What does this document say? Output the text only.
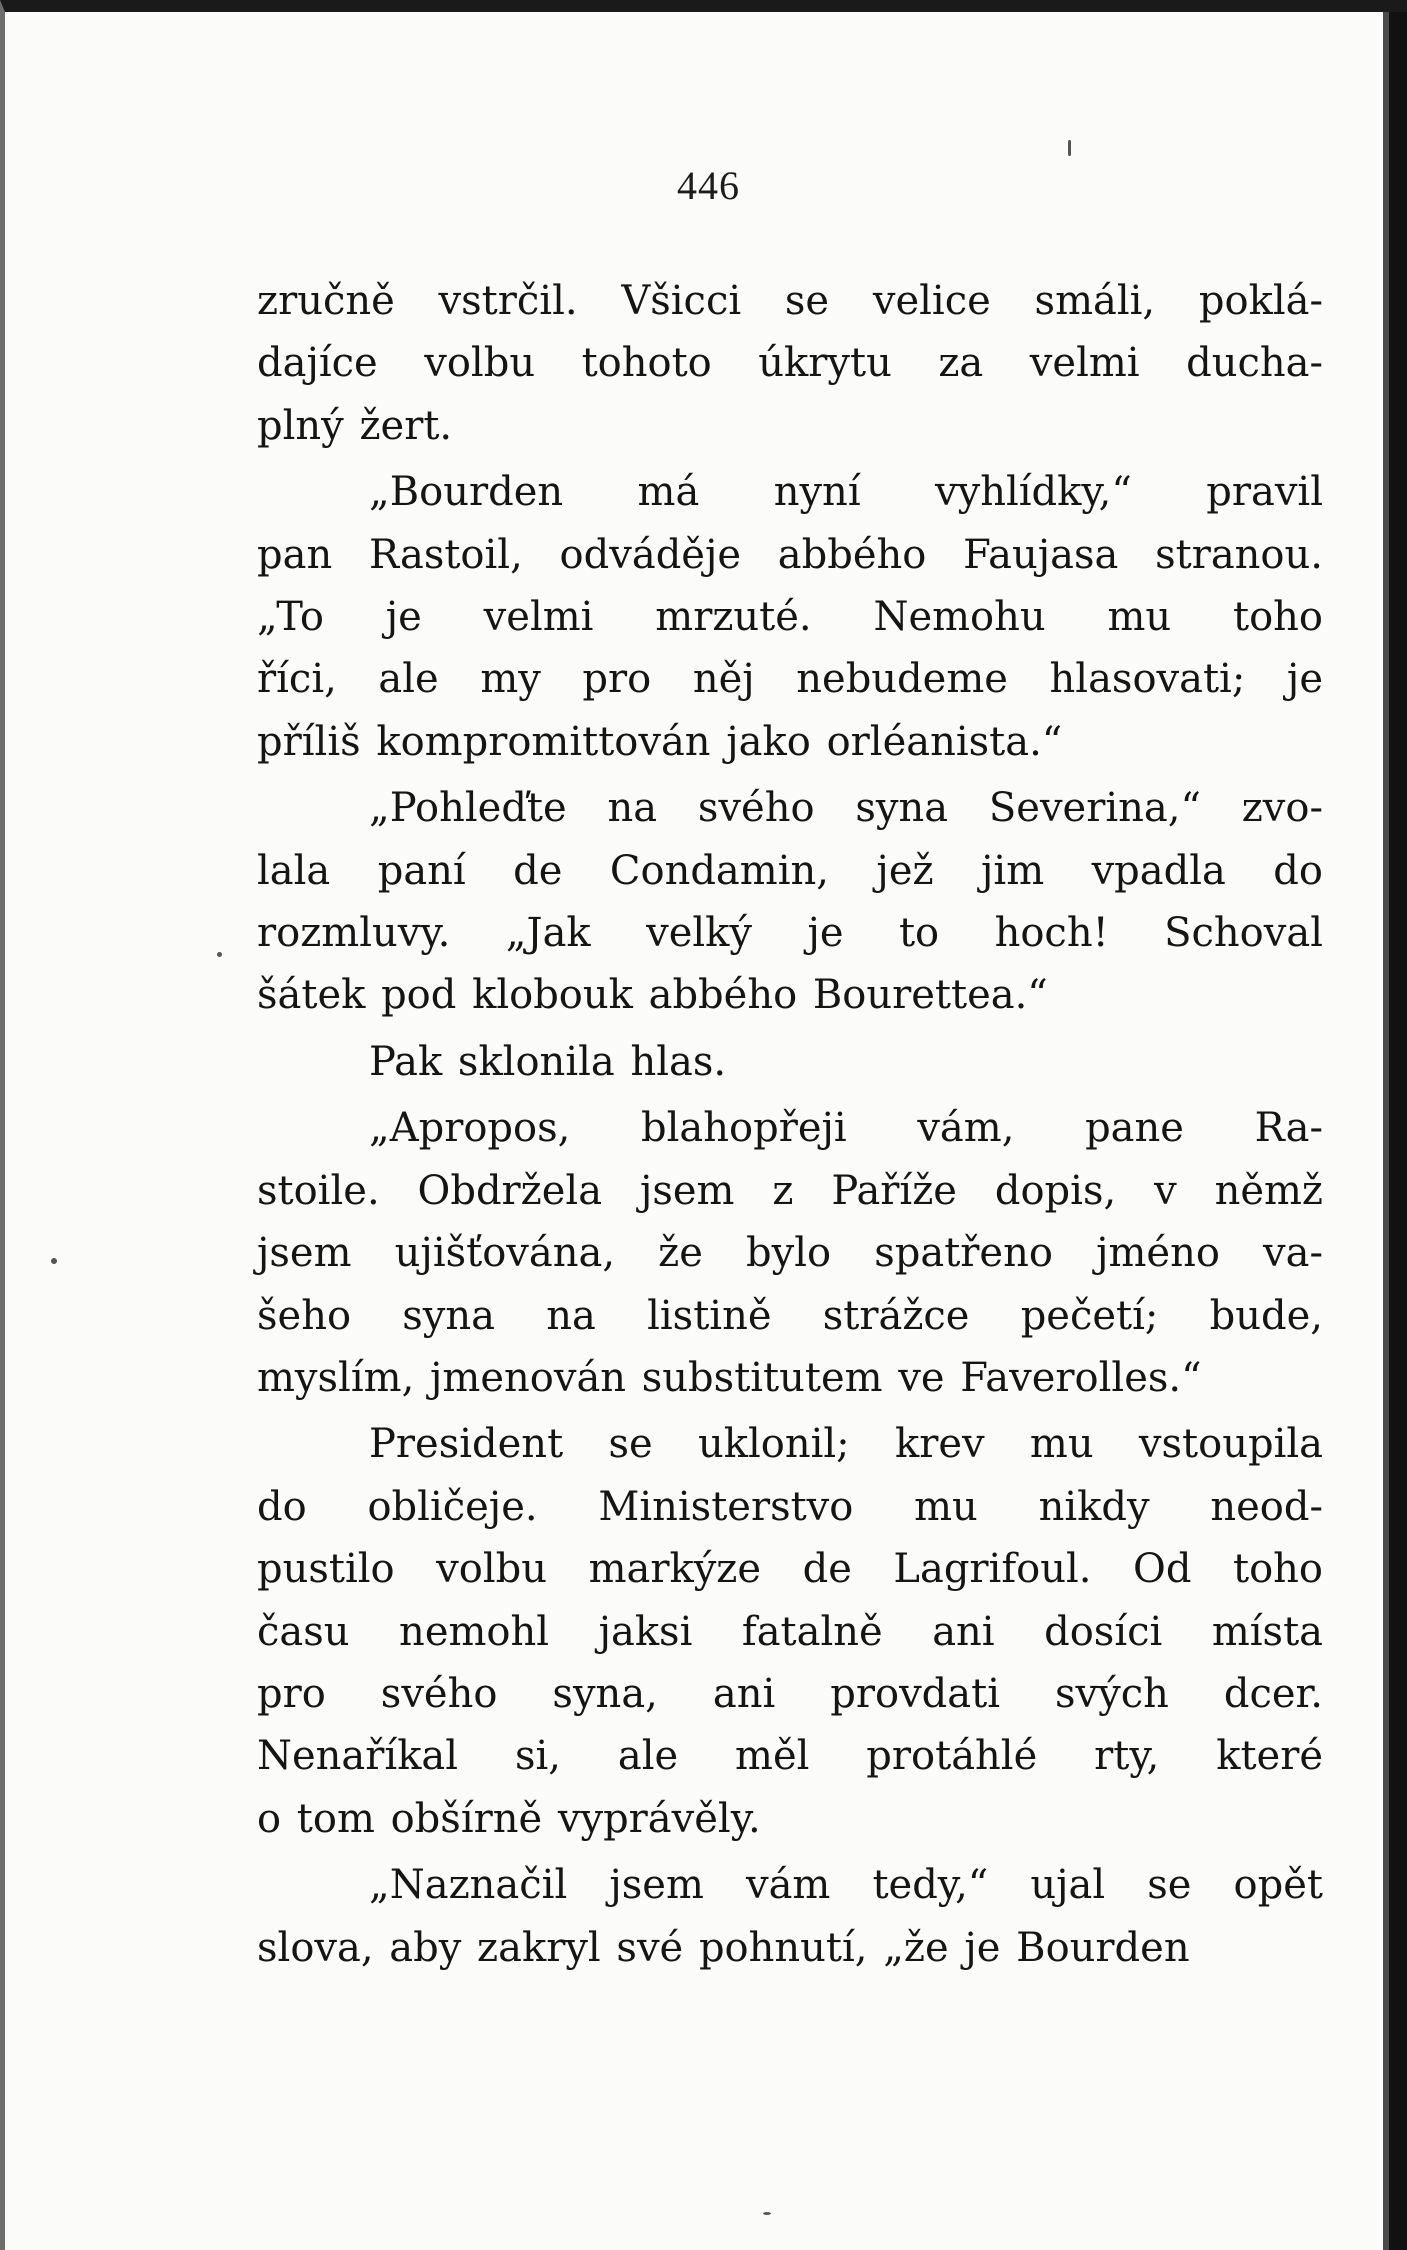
446
zručně vstrčil. Všicci se velice smáli, poklá-
dajíce volbu tohoto úkrytu za velmi ducha-
plný žert.
„Bourden má nyní vyhlídky,“ pravil
pan Rastoil, odváděje abbého Faujasa stranou.
„To je velmi mrzuté. Nemohu mu toho
říci, ale my pro něj nebudeme hlasovati; je
příliš kompromittován jako orléanista.“
„Pohleďte na svého syna Severina,“ zvo-
lala paní de Condamin, jež jim vpadla do
rozmluvy. „Jak velký je to hoch! Schoval
šátek pod klobouk abbého Bourettea.“
Pak sklonila hlas.
„Apropos, blahopřeji vám, pane Ra-
stoile. Obdržela jsem z Paříže dopis, v němž
jsem ujišťována, že bylo spatřeno jméno va-
šeho syna na listině strážce pečetí; bude,
myslím, jmenován substitutem ve Faverolles.“
President se uklonil; krev mu vstoupila
do obličeje. Ministerstvo mu nikdy neod-
pustilo volbu markýze de Lagrifoul. Od toho
času nemohl jaksi fatalně ani dosíci místa
pro svého syna, ani provdati svých dcer.
Nenaříkal si, ale měl protáhlé rty, které
o tom obšírně vyprávěly.
„Naznačil jsem vám tedy,“ ujal se opět
slova, aby zakryl své pohnutí, „že je Bourden
